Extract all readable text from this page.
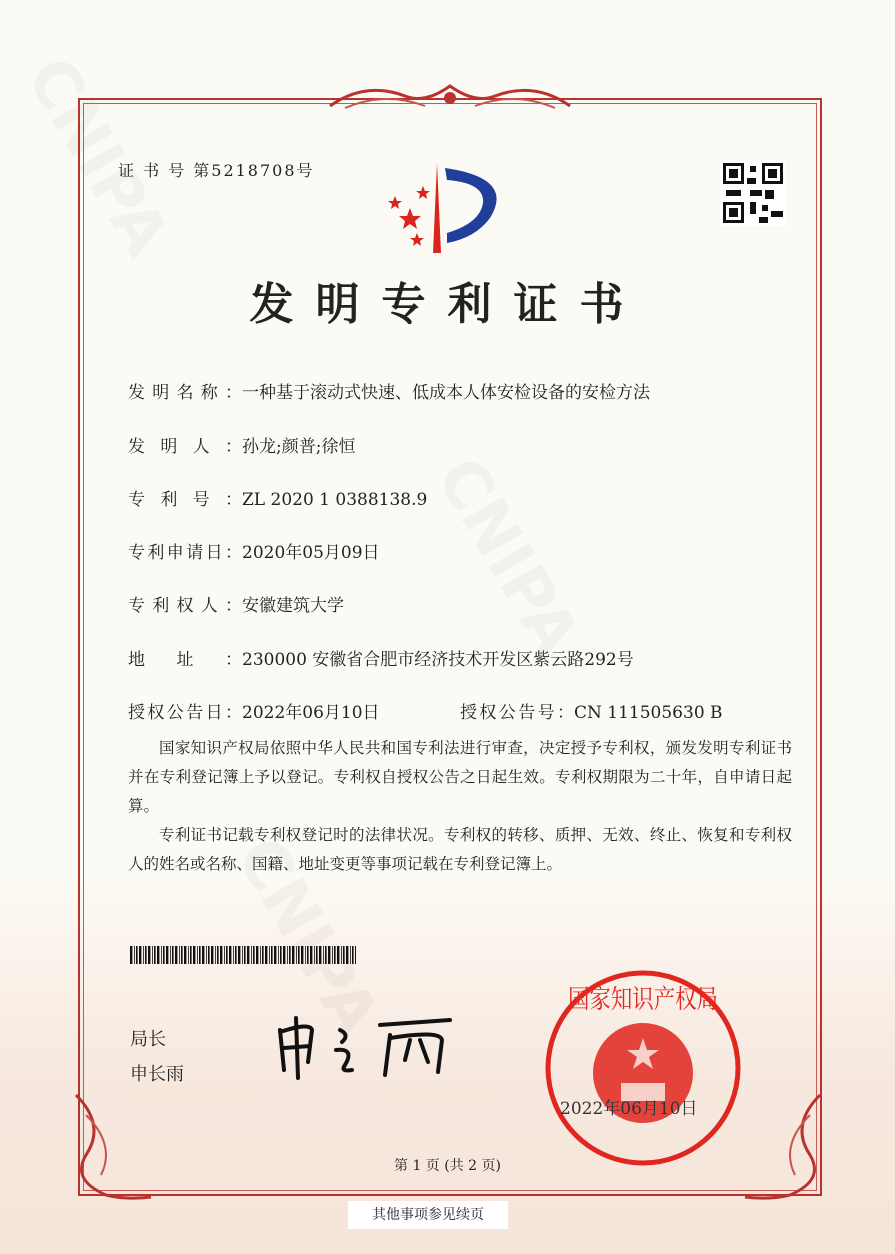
证 书 号 第5218708号
发明专利证书
发明名称：一种基于滚动式快速、低成本人体安检设备的安检方法
发明人：孙龙;颜普;徐恒
专利号：ZL 2020 1 0388138.9
专利申请日：2020年05月09日
专利权人：安徽建筑大学
地址：230000 安徽省合肥市经济技术开发区紫云路292号
授权公告日：2022年06月10日	授权公告号：CN 111505630 B

国家知识产权局依照中华人民共和国专利法进行审查，决定授予专利权，颁发发明专利证书并在专利登记簿上予以登记。专利权自授权公告之日起生效。专利权期限为二十年，自申请日起算。

专利证书记载专利权登记时的法律状况。专利权的转移、质押、无效、终止、恢复和专利权人的姓名或名称、国籍、地址变更等事项记载在专利登记簿上。

局长
申长雨
国家知识产权局
2022年06月10日
第 1 页 (共 2 页)
其他事项参见续页
